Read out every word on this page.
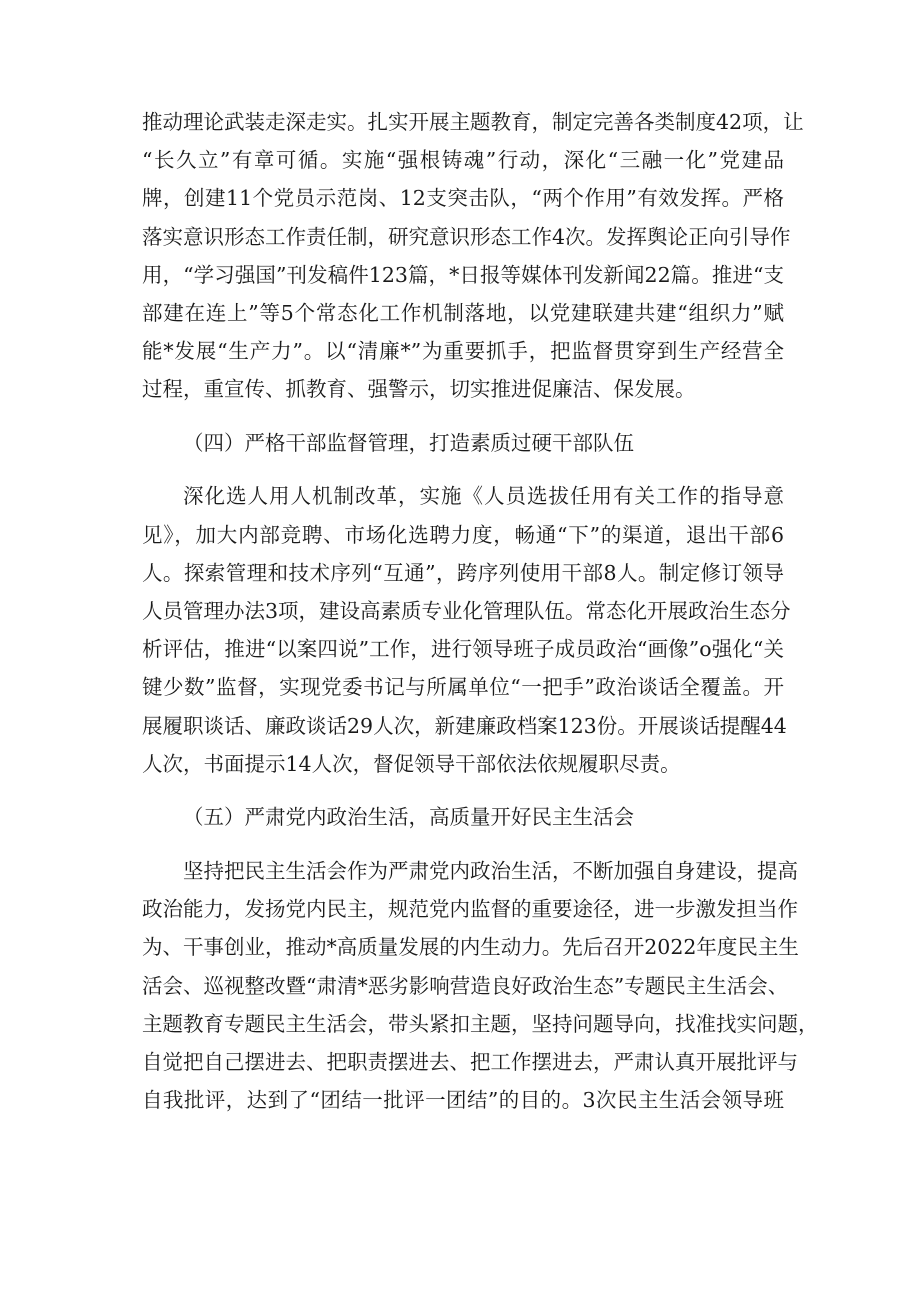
推动理论武装走深走实。扎实开展主题教育，制定完善各类制度42项，让
“长久立”有章可循。实施“强根铸魂”行动，深化“三融一化”党建品
牌，创建11个党员示范岗、12支突击队，“两个作用”有效发挥。严格
落实意识形态工作责任制，研究意识形态工作4次。发挥舆论正向引导作
用，“学习强国”刊发稿件123篇，*日报等媒体刊发新闻22篇。推进“支
部建在连上”等5个常态化工作机制落地，以党建联建共建“组织力”赋
能*发展“生产力”。以“清廉*”为重要抓手，把监督贯穿到生产经营全
过程，重宣传、抓教育、强警示，切实推进促廉洁、保发展。
（四）严格干部监督管理，打造素质过硬干部队伍
深化选人用人机制改革，实施《人员选拔任用有关工作的指导意
见》，加大内部竞聘、市场化选聘力度，畅通“下”的渠道，退出干部6
人。探索管理和技术序列“互通”，跨序列使用干部8人。制定修订领导
人员管理办法3项，建设高素质专业化管理队伍。常态化开展政治生态分
析评估，推进“以案四说”工作，进行领导班子成员政治“画像”o强化“关
键少数”监督，实现党委书记与所属单位“一把手”政治谈话全覆盖。开
展履职谈话、廉政谈话29人次，新建廉政档案123份。开展谈话提醒44
人次，书面提示14人次，督促领导干部依法依规履职尽责。
（五）严肃党内政治生活，高质量开好民主生活会
坚持把民主生活会作为严肃党内政治生活，不断加强自身建设，提高
政治能力，发扬党内民主，规范党内监督的重要途径，进一步激发担当作
为、干事创业，推动*高质量发展的内生动力。先后召开2022年度民主生
活会、巡视整改暨“肃清*恶劣影响营造良好政治生态”专题民主生活会、
主题教育专题民主生活会，带头紧扣主题，坚持问题导向，找准找实问题，
自觉把自己摆进去、把职责摆进去、把工作摆进去，严肃认真开展批评与
自我批评，达到了“团结一批评一团结”的目的。3次民主生活会领导班
